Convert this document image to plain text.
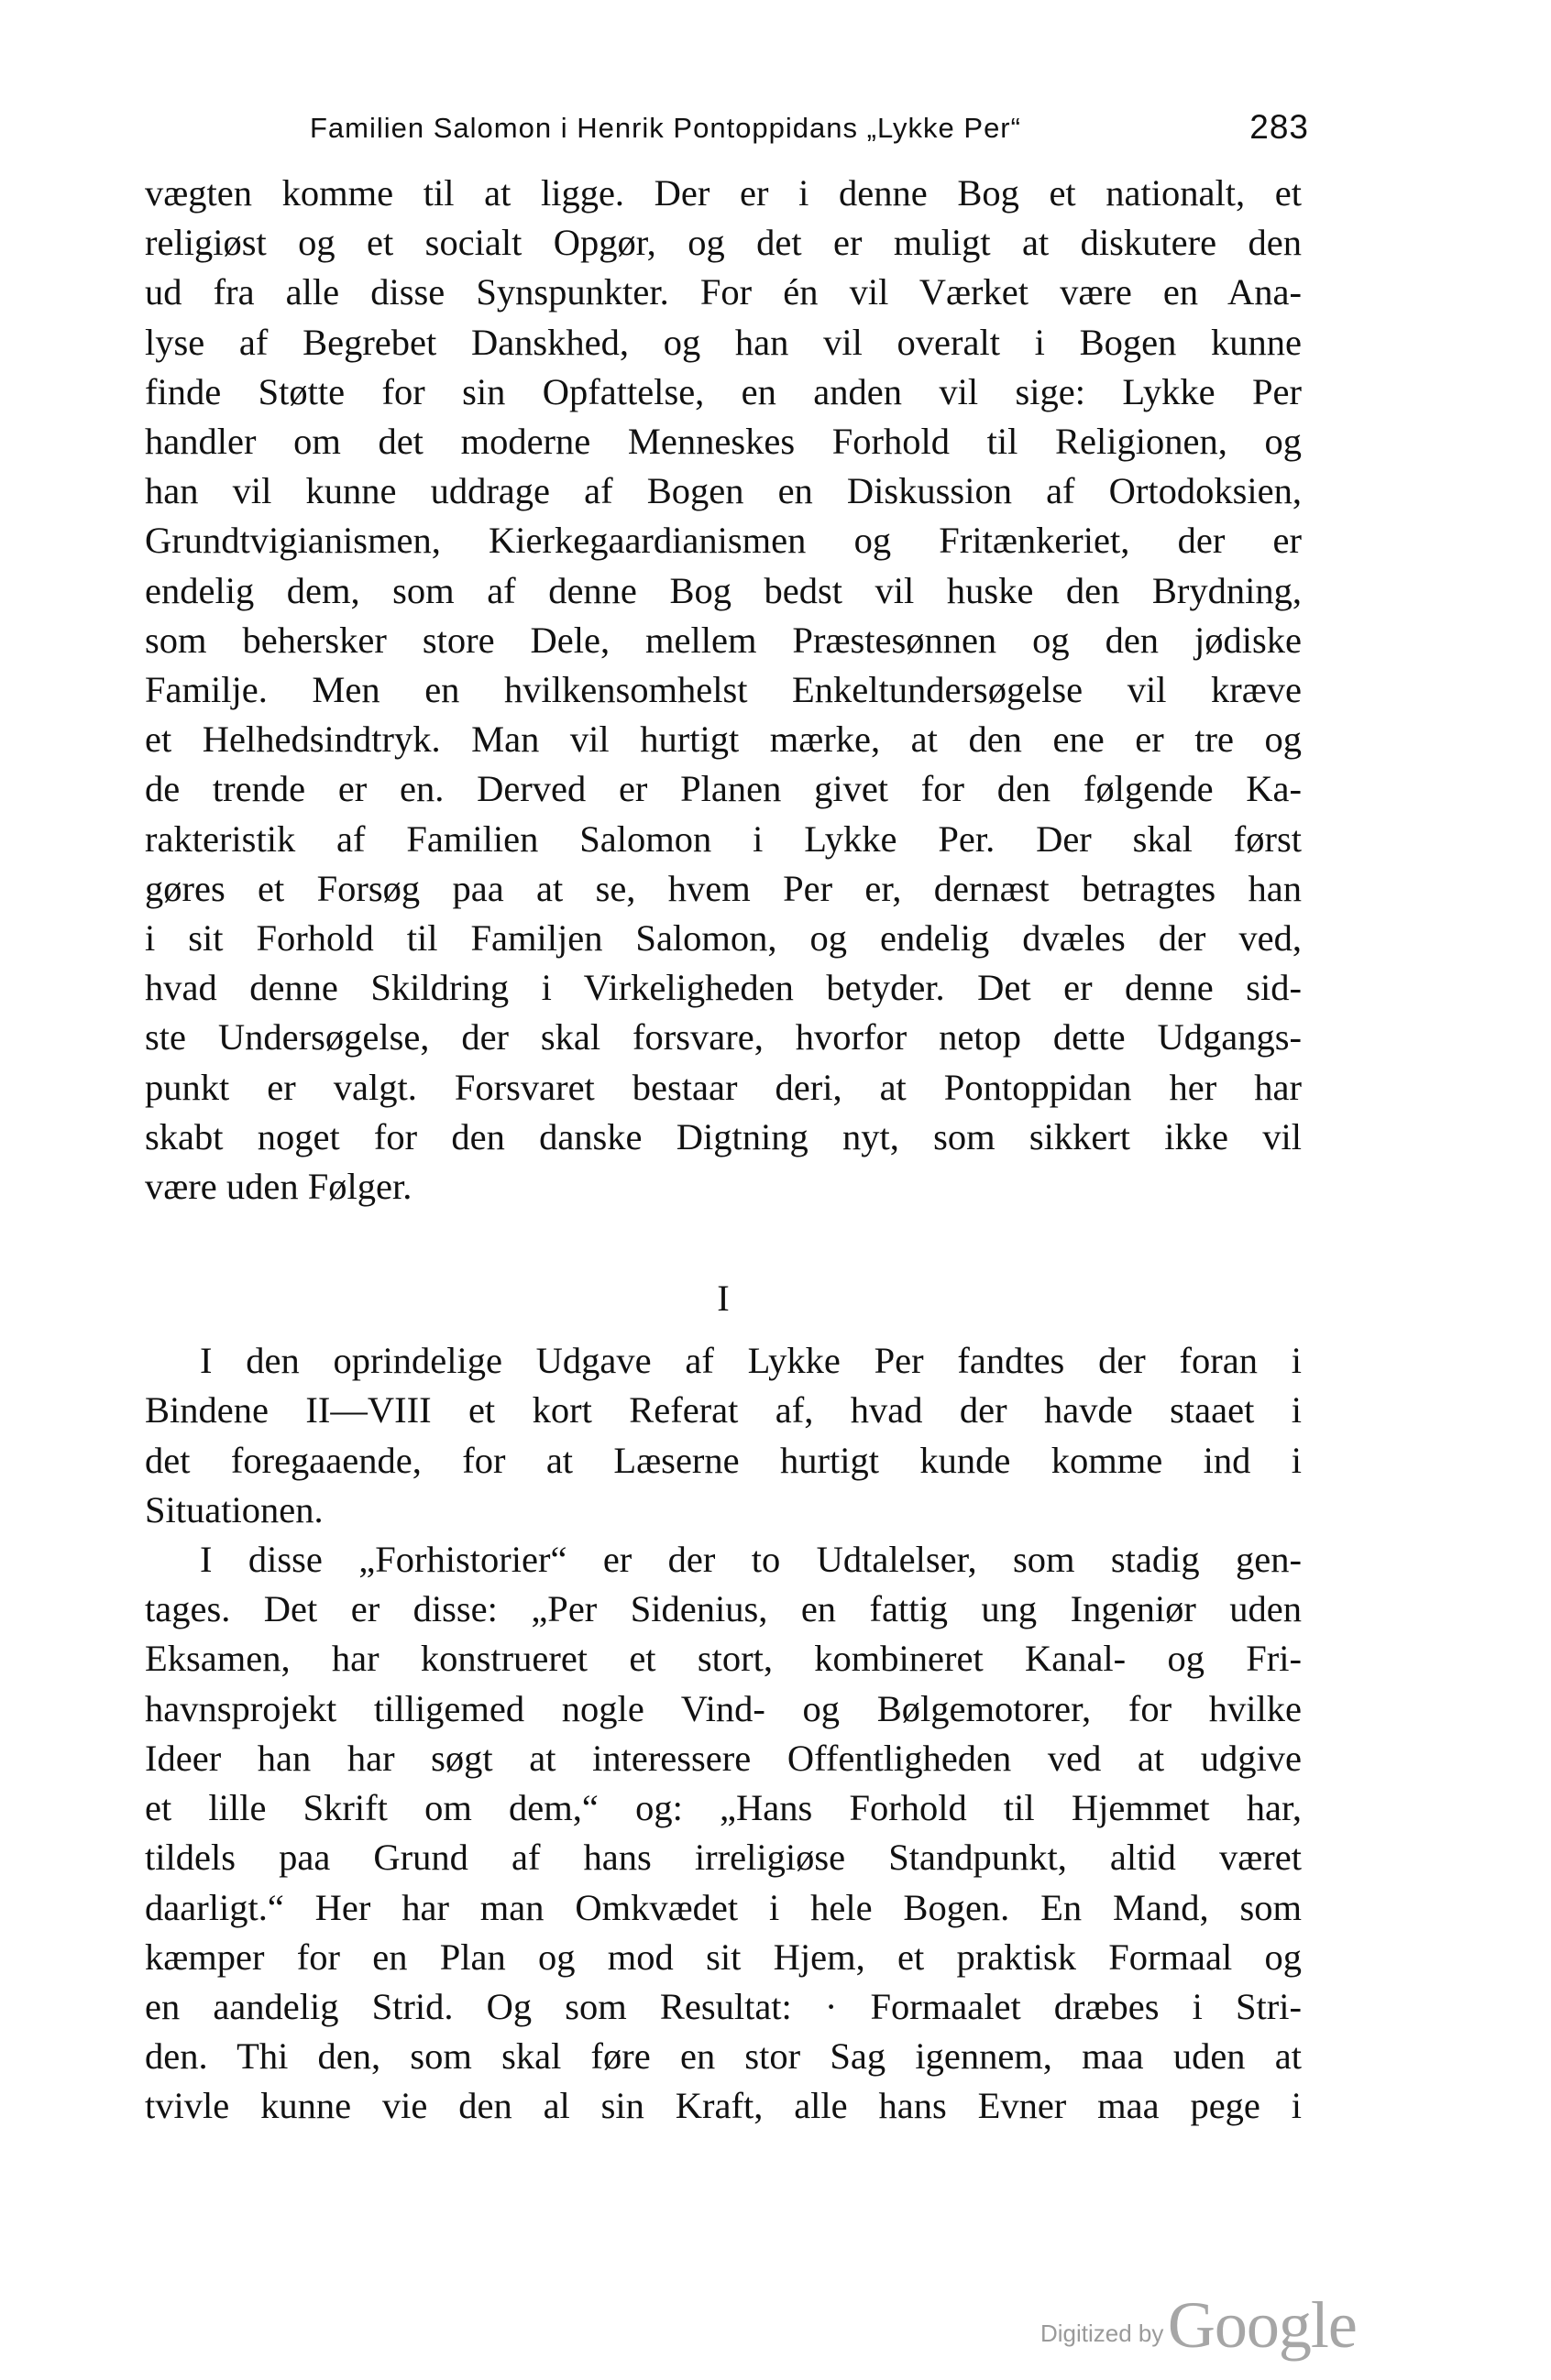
Familien Salomon i Henrik Pontoppidans „Lykke Per“	283

vægten komme til at ligge. Der er i denne Bog et nationalt, et
religiøst og et socialt Opgør, og det er muligt at diskutere den
ud fra alle disse Synspunkter. For én vil Værket være en Ana-
lyse af Begrebet Danskhed, og han vil overalt i Bogen kunne
finde Støtte for sin Opfattelse, en anden vil sige: Lykke Per
handler om det moderne Menneskes Forhold til Religionen, og
han vil kunne uddrage af Bogen en Diskussion af Ortodoksien,
Grundtvigianismen, Kierkegaardianismen og Fritænkeriet, der er
endelig dem, som af denne Bog bedst vil huske den Brydning,
som behersker store Dele, mellem Præstesønnen og den jødiske
Familje. Men en hvilkensomhelst Enkeltundersøgelse vil kræve
et Helhedsindtryk. Man vil hurtigt mærke, at den ene er tre og
de trende er en. Derved er Planen givet for den følgende Ka-
rakteristik af Familien Salomon i Lykke Per. Der skal først
gøres et Forsøg paa at se, hvem Per er, dernæst betragtes han
i sit Forhold til Familjen Salomon, og endelig dvæles der ved,
hvad denne Skildring i Virkeligheden betyder. Det er denne sid-
ste Undersøgelse, der skal forsvare, hvorfor netop dette Udgangs-
punkt er valgt. Forsvaret bestaar deri, at Pontoppidan her har
skabt noget for den danske Digtning nyt, som sikkert ikke vil
være uden Følger.

I

I den oprindelige Udgave af Lykke Per fandtes der foran i
Bindene II—VIII et kort Referat af, hvad der havde staaet i
det foregaaende, for at Læserne hurtigt kunde komme ind i
Situationen.

I disse „Forhistorier“ er der to Udtalelser, som stadig gen-
tages. Det er disse: „Per Sidenius, en fattig ung Ingeniør uden
Eksamen, har konstrueret et stort, kombineret Kanal- og Fri-
havnsprojekt tilligemed nogle Vind- og Bølgemotorer, for hvilke
Ideer han har søgt at interessere Offentligheden ved at udgive
et lille Skrift om dem,“ og: „Hans Forhold til Hjemmet har,
tildels paa Grund af hans irreligiøse Standpunkt, altid været
daarligt.“ Her har man Omkvædet i hele Bogen. En Mand, som
kæmper for en Plan og mod sit Hjem, et praktisk Formaal og
en aandelig Strid. Og som Resultat: · Formaalet dræbes i Stri-
den. Thi den, som skal føre en stor Sag igennem, maa uden at
tvivle kunne vie den al sin Kraft, alle hans Evner maa pege i

Digitized by Google
